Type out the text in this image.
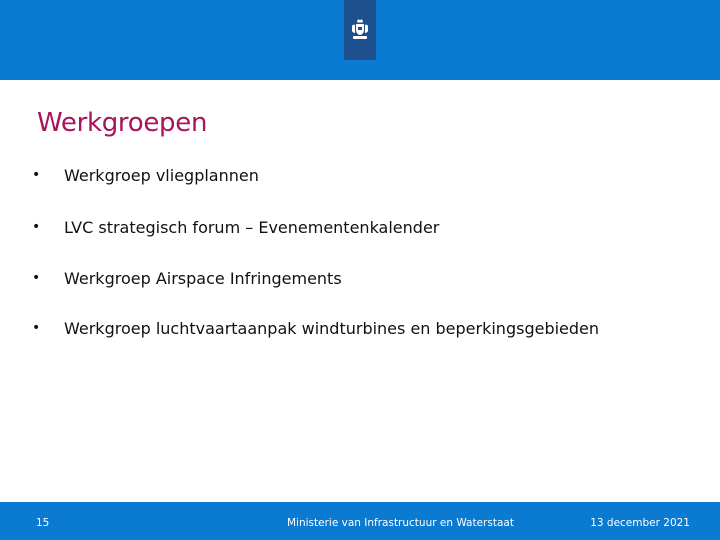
Werkgroepen
•	Werkgroep vliegplannen
•	LVC strategisch forum – Evenementenkalender
•	Werkgroep Airspace Infringements
•	Werkgroep luchtvaartaanpak windturbines en beperkingsgebieden
15	Ministerie van Infrastructuur en Waterstaat	13 december 2021
